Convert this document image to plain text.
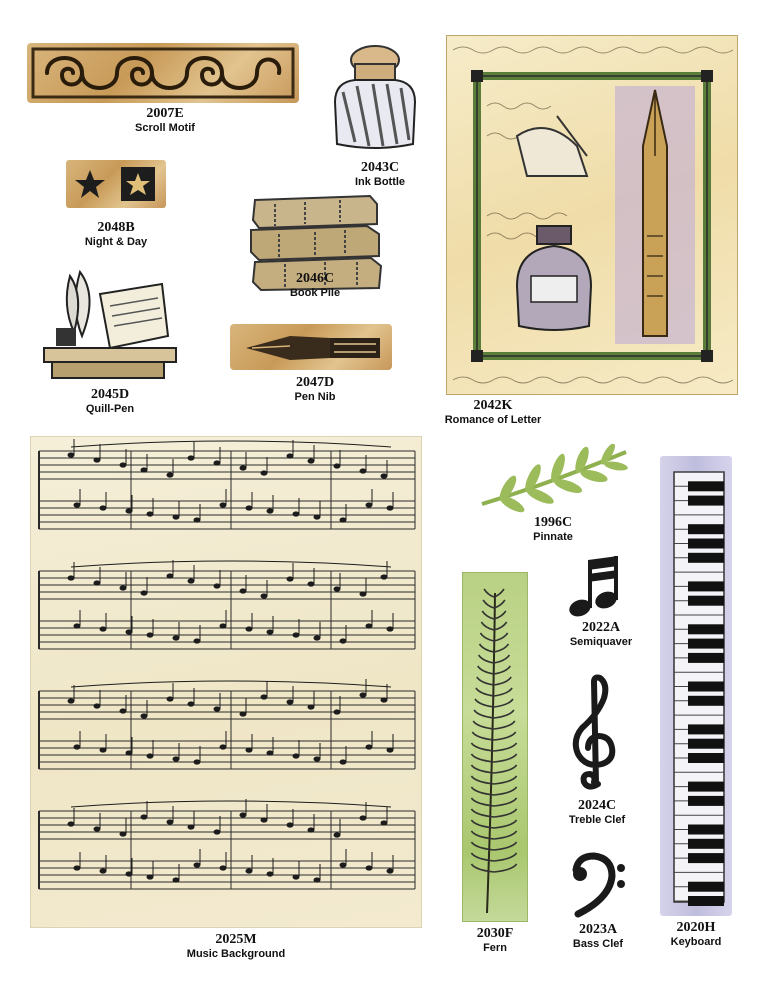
2007E
Scroll Motif
2043C
Ink Bottle
2048B
Night & Day
2046C
Book Pile
2045D
Quill-Pen
2047D
Pen Nib
2042K
Romance of Letter
2025M
Music Background
1996C
Pinnate
2020H
Keyboard
2030F
Fern
2022A
Semiquaver
2024C
Treble Clef
2023A
Bass Clef
